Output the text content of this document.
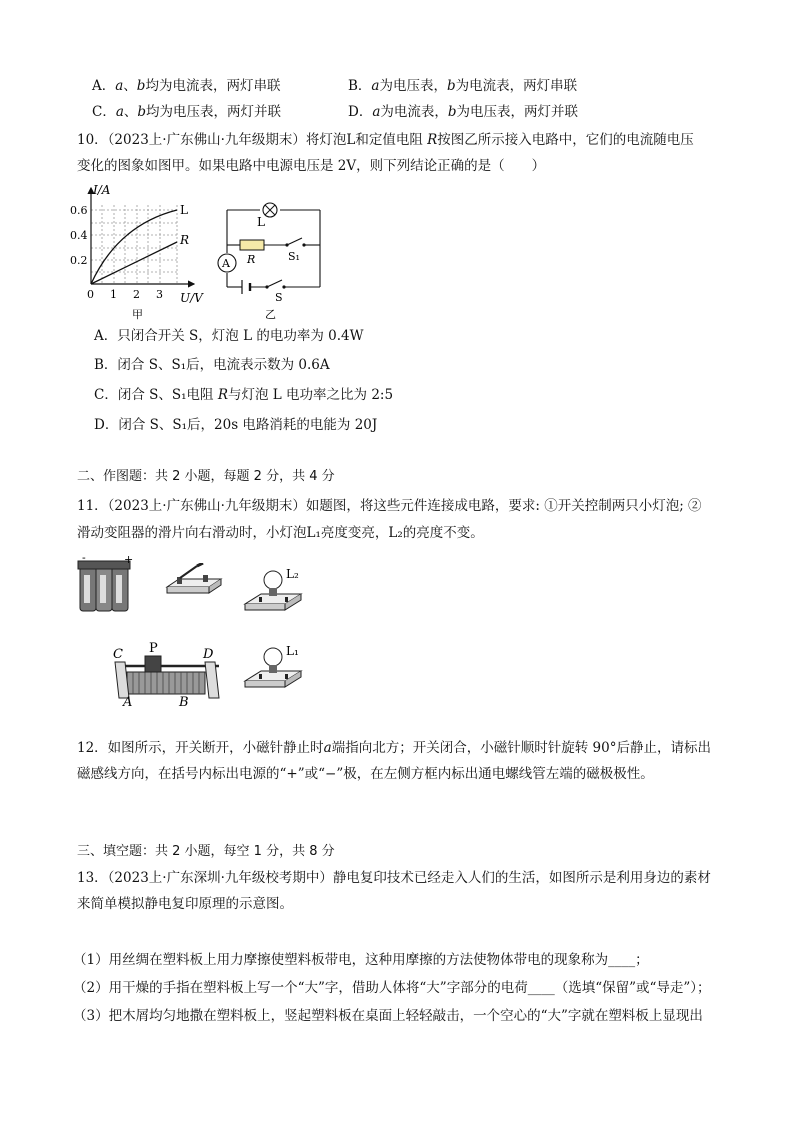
A．𝑎、𝑏均为电流表，两灯串联	B．𝑎为电压表，𝑏为电流表，两灯串联
C．𝑎、𝑏均为电压表，两灯并联	D．𝑎为电流表，𝑏为电压表，两灯并联
10．（2023上·广东佛山·九年级期末）将灯泡L和定值电阻 𝑅按图乙所示接入电路中，它们的电流随电压
变化的图象如图甲。如果电路中电源电压是 2V，则下列结论正确的是（　　）
I/A
U/V
0.6
0.4
0.2
0 1 2 3
L
R
甲
A
L
R	S₁
S
乙
A．只闭合开关 S，灯泡 L 的电功率为 0.4W
B．闭合 S、S₁后，电流表示数为 0.6A
C．闭合 S、S₁电阻 𝑅与灯泡 L 电功率之比为 2:5
D．闭合 S、S₁后，20s 电路消耗的电能为 20J
二、作图题：共 2 小题，每题 2 分，共 4 分
11．（2023上·广东佛山·九年级期末）如题图，将这些元件连接成电路，要求: ①开关控制两只小灯泡; ②
滑动变阻器的滑片向右滑动时，小灯泡L₁亮度变亮，L₂的亮度不变。
-	+
L₂
C P	D
A	B
L₁
12．如图所示，开关断开，小磁针静止时𝑎端指向北方；开关闭合，小磁针顺时针旋转 90°后静止，请标出
磁感线方向，在括号内标出电源的“+”或“−”极，在左侧方框内标出通电螺线管左端的磁极极性。
三、填空题：共 2 小题，每空 1 分，共 8 分
13．（2023上·广东深圳·九年级校考期中）静电复印技术已经走入人们的生活，如图所示是利用身边的素材
来简单模拟静电复印原理的示意图。
（1）用丝绸在塑料板上用力摩擦使塑料板带电，这种用摩擦的方法使物体带电的现象称为____；
（2）用干燥的手指在塑料板上写一个“大”字，借助人体将“大”字部分的电荷____（选填“保留”或“导走”）；
（3）把木屑均匀地撒在塑料板上，竖起塑料板在桌面上轻轻敲击，一个空心的“大”字就在塑料板上显现出
